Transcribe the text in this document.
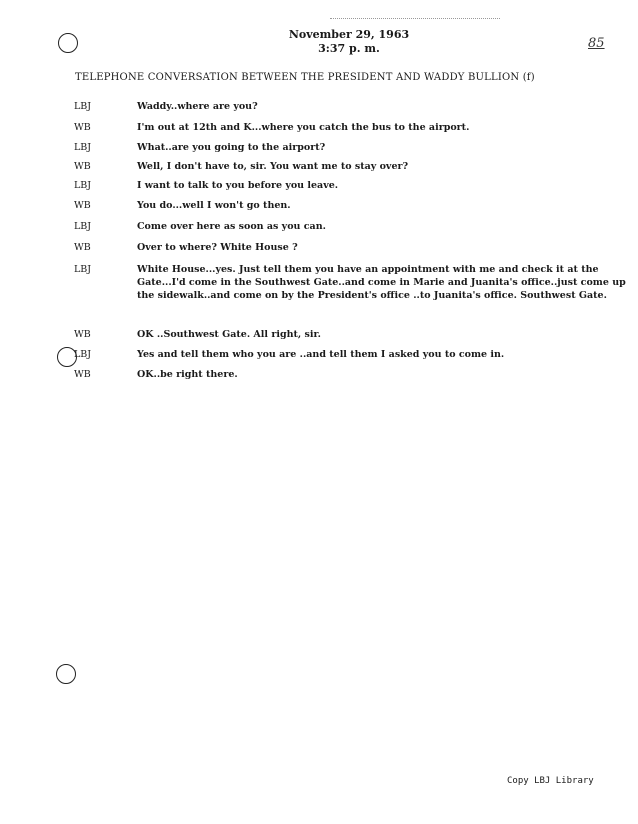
November 29, 1963
3:37 p. m.	85
TELEPHONE CONVERSATION BETWEEN THE PRESIDENT AND WADDY BULLION (f)
LBJ	Waddy..where are you?
WB	I'm out at 12th and K...where you catch the bus to the airport.
LBJ	What..are you going to the airport?
WB	Well, I don't have to, sir. You want me to stay over?
LBJ	I want to talk to you before you leave.
WB	You do...well I won't go then.
LBJ	Come over here as soon as you can.
WB	Over to where? White House ?
LBJ	White House...yes. Just tell them you have an appointment with me and check it at the Gate...I'd come in the Southwest Gate..and come in Marie and Juanita's office..just come up the sidewalk..and come on by the President's office ..to Juanita's office. Southwest Gate.
WB	OK ..Southwest Gate. All right, sir.
LBJ	Yes and tell them who you are ..and tell them I asked you to come in.
WB	OK..be right there.
Copy LBJ Library
